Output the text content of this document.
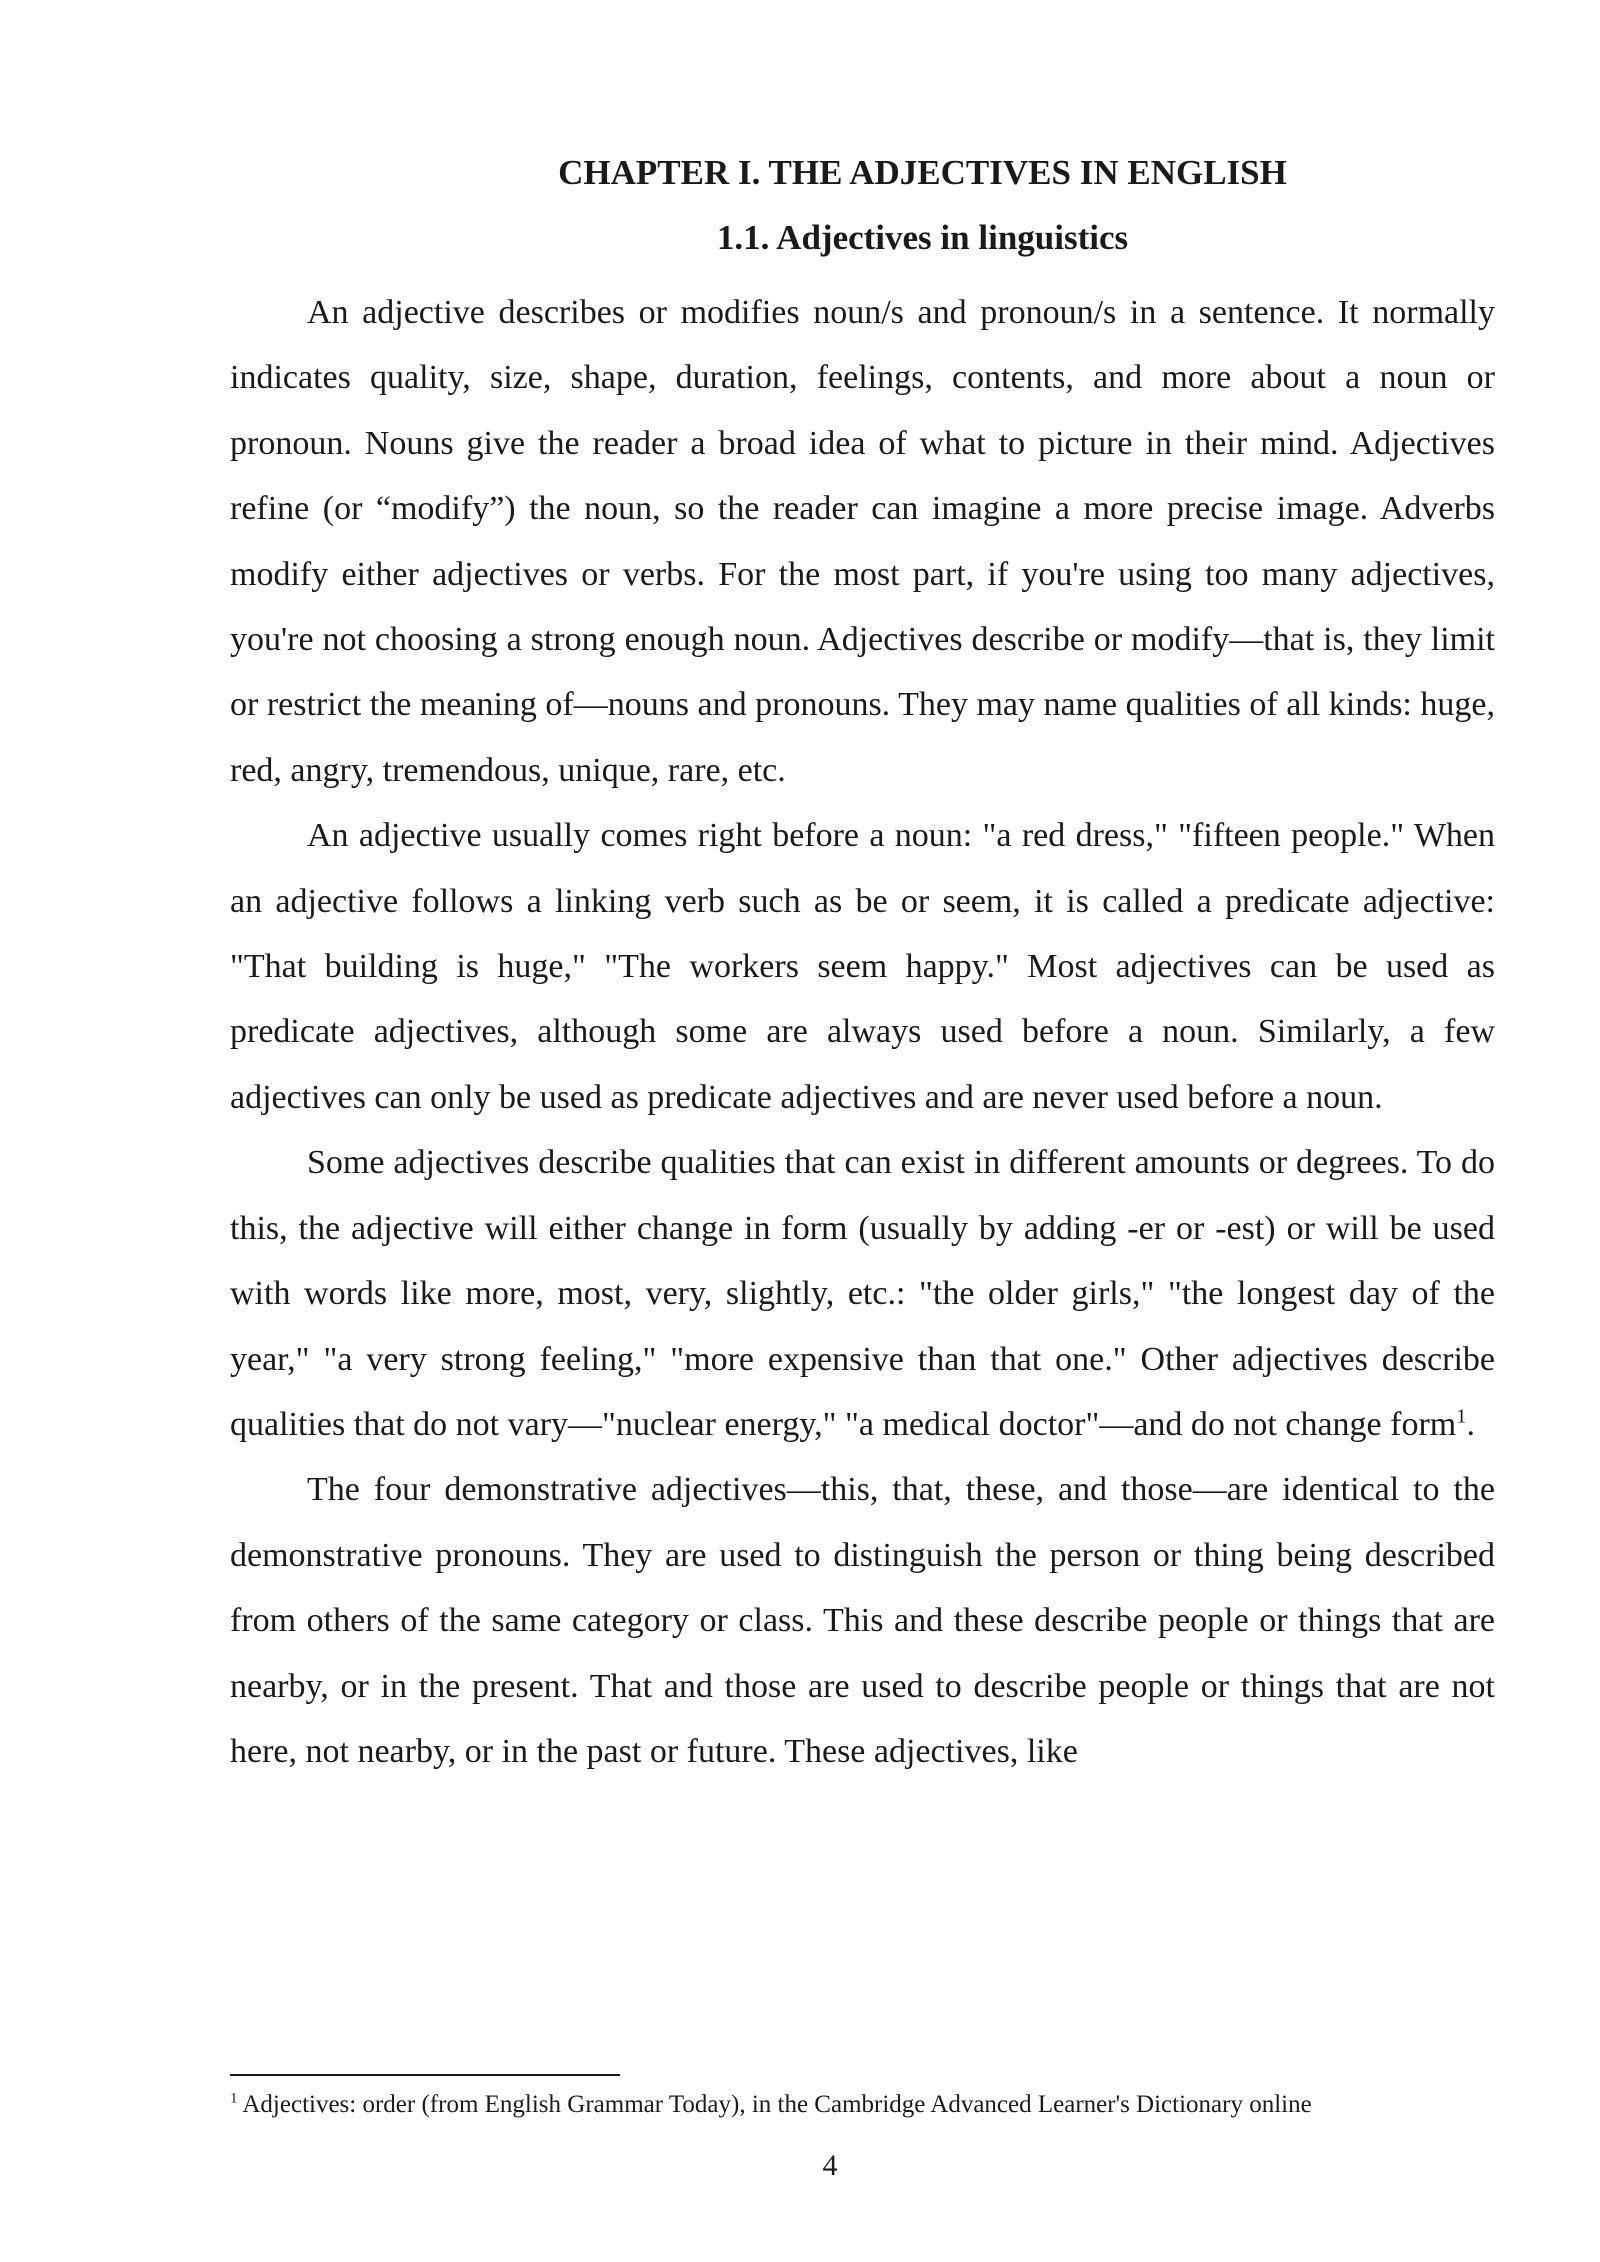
CHAPTER I. THE ADJECTIVES IN ENGLISH
1.1. Adjectives in linguistics

An adjective describes or modifies noun/s and pronoun/s in a sentence. It normally indicates quality, size, shape, duration, feelings, contents, and more about a noun or pronoun. Nouns give the reader a broad idea of what to picture in their mind. Adjectives refine (or “modify”) the noun, so the reader can imagine a more precise image. Adverbs modify either adjectives or verbs. For the most part, if you're using too many adjectives, you're not choosing a strong enough noun. Adjectives describe or modify—that is, they limit or restrict the meaning of—nouns and pronouns. They may name qualities of all kinds: huge, red, angry, tremendous, unique, rare, etc.

An adjective usually comes right before a noun: "a red dress," "fifteen people." When an adjective follows a linking verb such as be or seem, it is called a predicate adjective: "That building is huge," "The workers seem happy." Most adjectives can be used as predicate adjectives, although some are always used before a noun. Similarly, a few adjectives can only be used as predicate adjectives and are never used before a noun.

Some adjectives describe qualities that can exist in different amounts or degrees. To do this, the adjective will either change in form (usually by adding -er or -est) or will be used with words like more, most, very, slightly, etc.: "the older girls," "the longest day of the year," "a very strong feeling," "more expensive than that one." Other adjectives describe qualities that do not vary—"nuclear energy," "a medical doctor"—and do not change form$^1$.

The four demonstrative adjectives—this, that, these, and those—are identical to the demonstrative pronouns. They are used to distinguish the person or thing being described from others of the same category or class. This and these describe people or things that are nearby, or in the present. That and those are used to describe people or things that are not here, not nearby, or in the past or future. These adjectives, like

$^1$ Adjectives: order (from English Grammar Today), in the Cambridge Advanced Learner's Dictionary online
4
